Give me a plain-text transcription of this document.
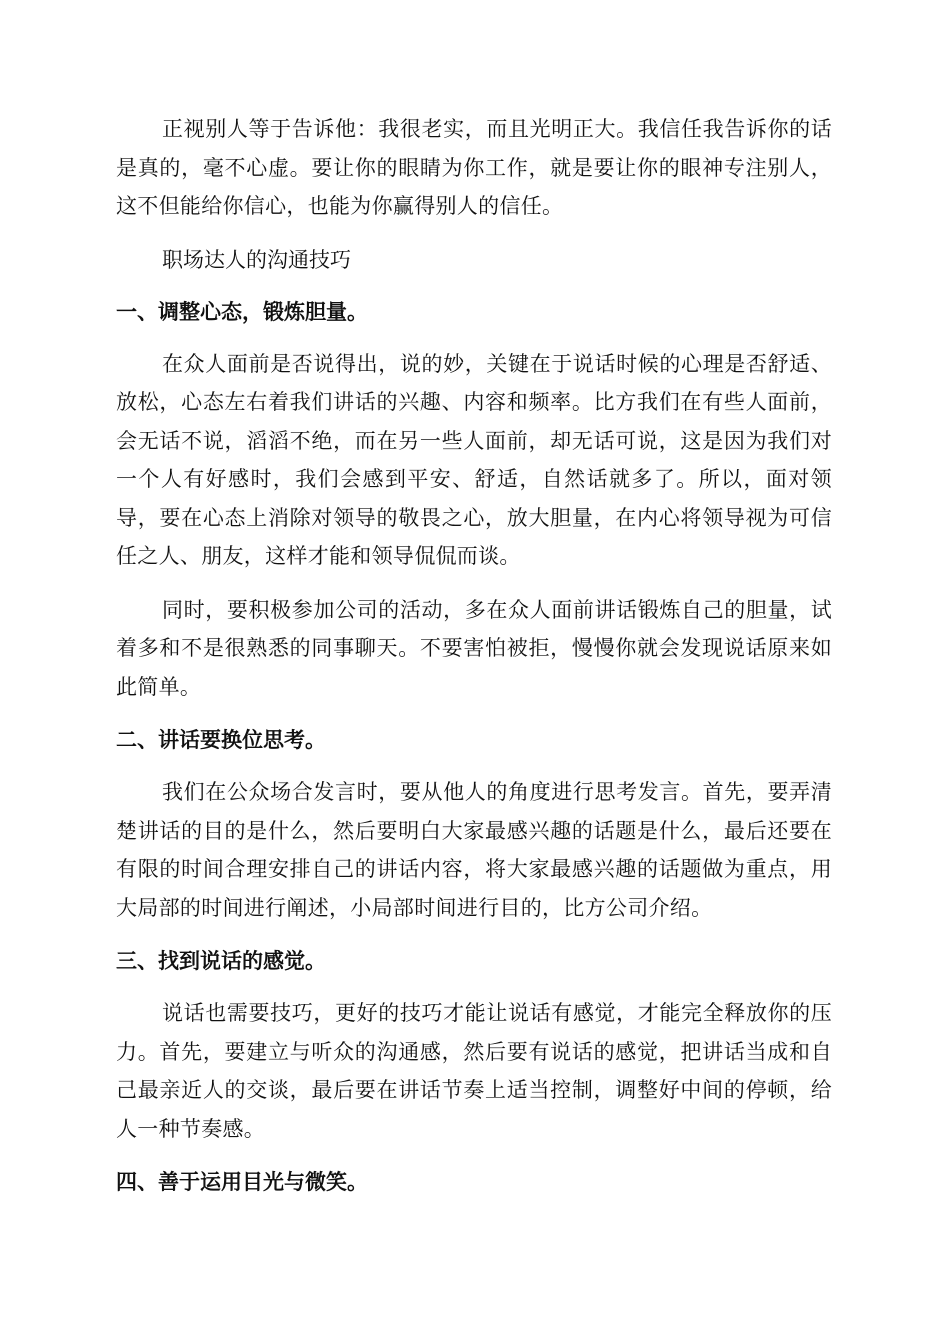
正视别人等于告诉他：我很老实，而且光明正大。我信任我告诉你的话是真的，毫不心虚。要让你的眼睛为你工作，就是要让你的眼神专注别人，这不但能给你信心，也能为你赢得别人的信任。

职场达人的沟通技巧

一、调整心态，锻炼胆量。

在众人面前是否说得出，说的妙，关键在于说话时候的心理是否舒适、放松，心态左右着我们讲话的兴趣、内容和频率。比方我们在有些人面前，会无话不说，滔滔不绝，而在另一些人面前，却无话可说，这是因为我们对一个人有好感时，我们会感到平安、舒适，自然话就多了。所以，面对领导，要在心态上消除对领导的敬畏之心，放大胆量，在内心将领导视为可信任之人、朋友，这样才能和领导侃侃而谈。

同时，要积极参加公司的活动，多在众人面前讲话锻炼自己的胆量，试着多和不是很熟悉的同事聊天。不要害怕被拒，慢慢你就会发现说话原来如此简单。

二、讲话要换位思考。

我们在公众场合发言时，要从他人的角度进行思考发言。首先，要弄清楚讲话的目的是什么，然后要明白大家最感兴趣的话题是什么，最后还要在有限的时间合理安排自己的讲话内容，将大家最感兴趣的话题做为重点，用大局部的时间进行阐述，小局部时间进行目的，比方公司介绍。

三、找到说话的感觉。

说话也需要技巧，更好的技巧才能让说话有感觉，才能完全释放你的压力。首先，要建立与听众的沟通感，然后要有说话的感觉，把讲话当成和自己最亲近人的交谈，最后要在讲话节奏上适当控制，调整好中间的停顿，给人一种节奏感。

四、善于运用目光与微笑。
